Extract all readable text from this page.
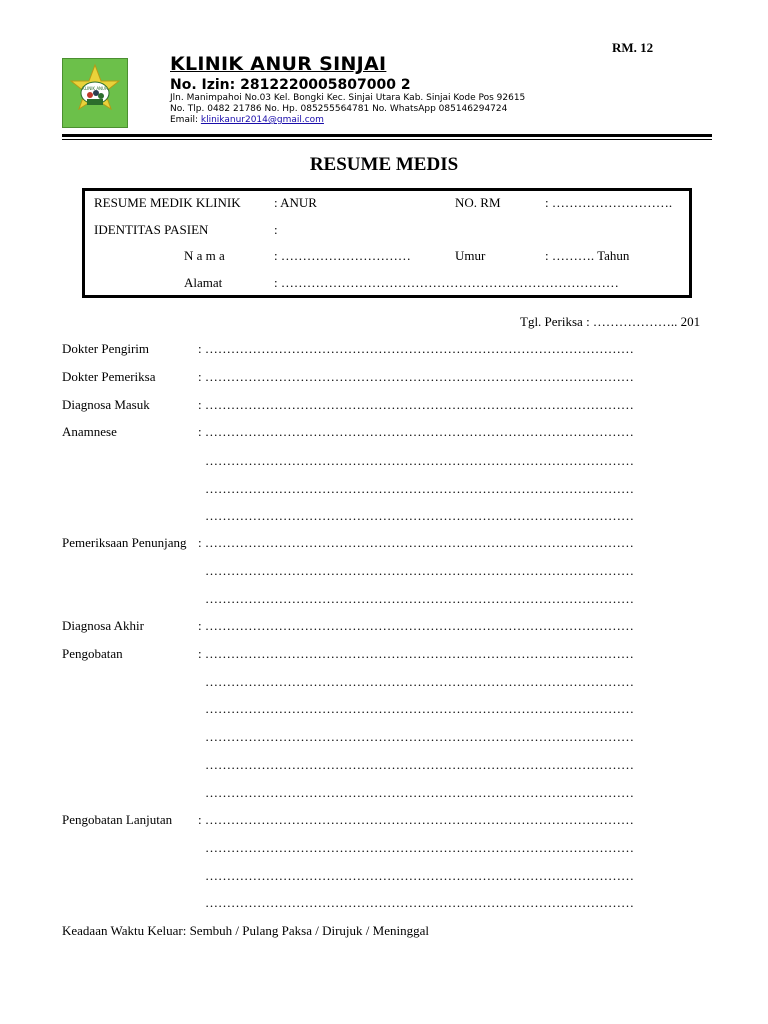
RM. 12
KLINIK ANUR
KLINIK ANUR SINJAI
No. Izin: 2812220005807000 2
Jln. Manimpahoi No.03 Kel. Bongki Kec. Sinjai Utara Kab. Sinjai Kode Pos 92615
No. Tlp. 0482 21786 No. Hp. 085255564781 No. WhatsApp 085146294724
Email: klinikanur2014@gmail.com
RESUME MEDIS
RESUME MEDIK KLINIK	: ANUR	NO. RM	: ……………………….
IDENTITAS PASIEN	:
N a m a	: …………………………	Umur	: ………. Tahun
Alamat	: ……………………………………………………………………
Tgl. Periksa : ……………….. 201
Dokter Pengirim	: ………………………………………………………………………………………
Dokter Pemeriksa	: ………………………………………………………………………………………
Diagnosa Masuk	: ………………………………………………………………………………………
Anamnese	: ………………………………………………………………………………………
………………………………………………………………………………………
………………………………………………………………………………………
………………………………………………………………………………………
Pemeriksaan Penunjang : ………………………………………………………………………………………
………………………………………………………………………………………
………………………………………………………………………………………
Diagnosa Akhir	: ………………………………………………………………………………………
Pengobatan	: ………………………………………………………………………………………
………………………………………………………………………………………
………………………………………………………………………………………
………………………………………………………………………………………
………………………………………………………………………………………
………………………………………………………………………………………
Pengobatan Lanjutan : ………………………………………………………………………………………
………………………………………………………………………………………
………………………………………………………………………………………
………………………………………………………………………………………
Keadaan Waktu Keluar: Sembuh / Pulang Paksa / Dirujuk / Meninggal
